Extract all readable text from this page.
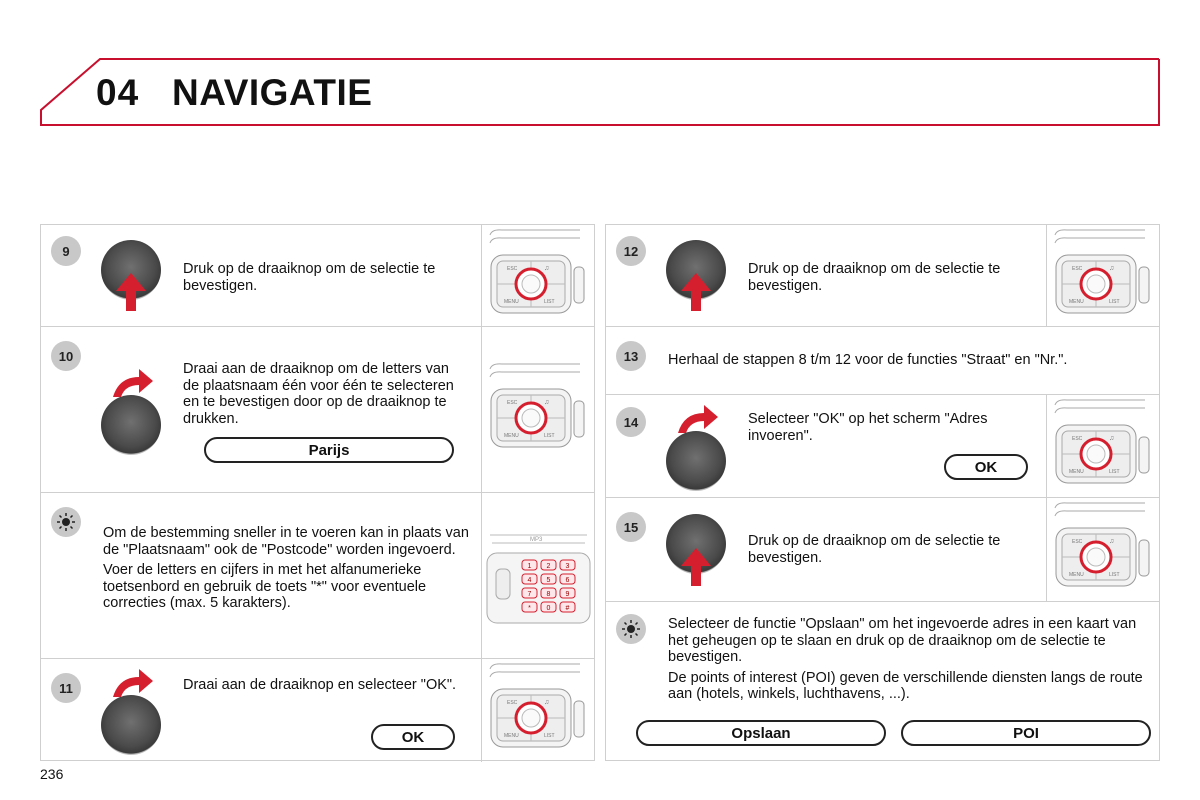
04 NAVIGATIE
9
Druk op de draaiknop om de selectie te bevestigen.
ESC	♫
MENU	LIST
10
Draai aan de draaiknop om de letters van de plaatsnaam één voor één te selecteren en te bevestigen door op de draaiknop te drukken.
Parijs
ESC	♫
MENU	LIST

Om de bestemming sneller in te voeren kan in plaats van de "Plaatsnaam" ook de "Postcode" worden ingevoerd.

Voer de letters en cijfers in met het alfanumerieke toetsenbord en gebruik de toets "*" voor eventuele correcties (max. 5 karakters).

MP3
1 2 3
4 5 6
7 8 9
* 0 #
11	Draai aan de draaiknop en selecteer "OK".
OK
ESC	♫
MENU	LIST
12
Druk op de draaiknop om de selectie te bevestigen.
ESC	♫
MENU	LIST
13	Herhaal de stappen 8 t/m 12 voor de functies "Straat" en "Nr.".
14	Selecteer "OK" op het scherm "Adres invoeren".
OK
ESC	♫
MENU	LIST
15
Druk op de draaiknop om de selectie te bevestigen.
ESC	♫
MENU	LIST

Selecteer de functie "Opslaan" om het ingevoerde adres in een kaart van het geheugen op te slaan en druk op de draaiknop om de selectie te bevestigen.

De points of interest (POI) geven de verschillende diensten langs de route aan (hotels, winkels, luchthavens, ...).

Opslaan	POI
236
